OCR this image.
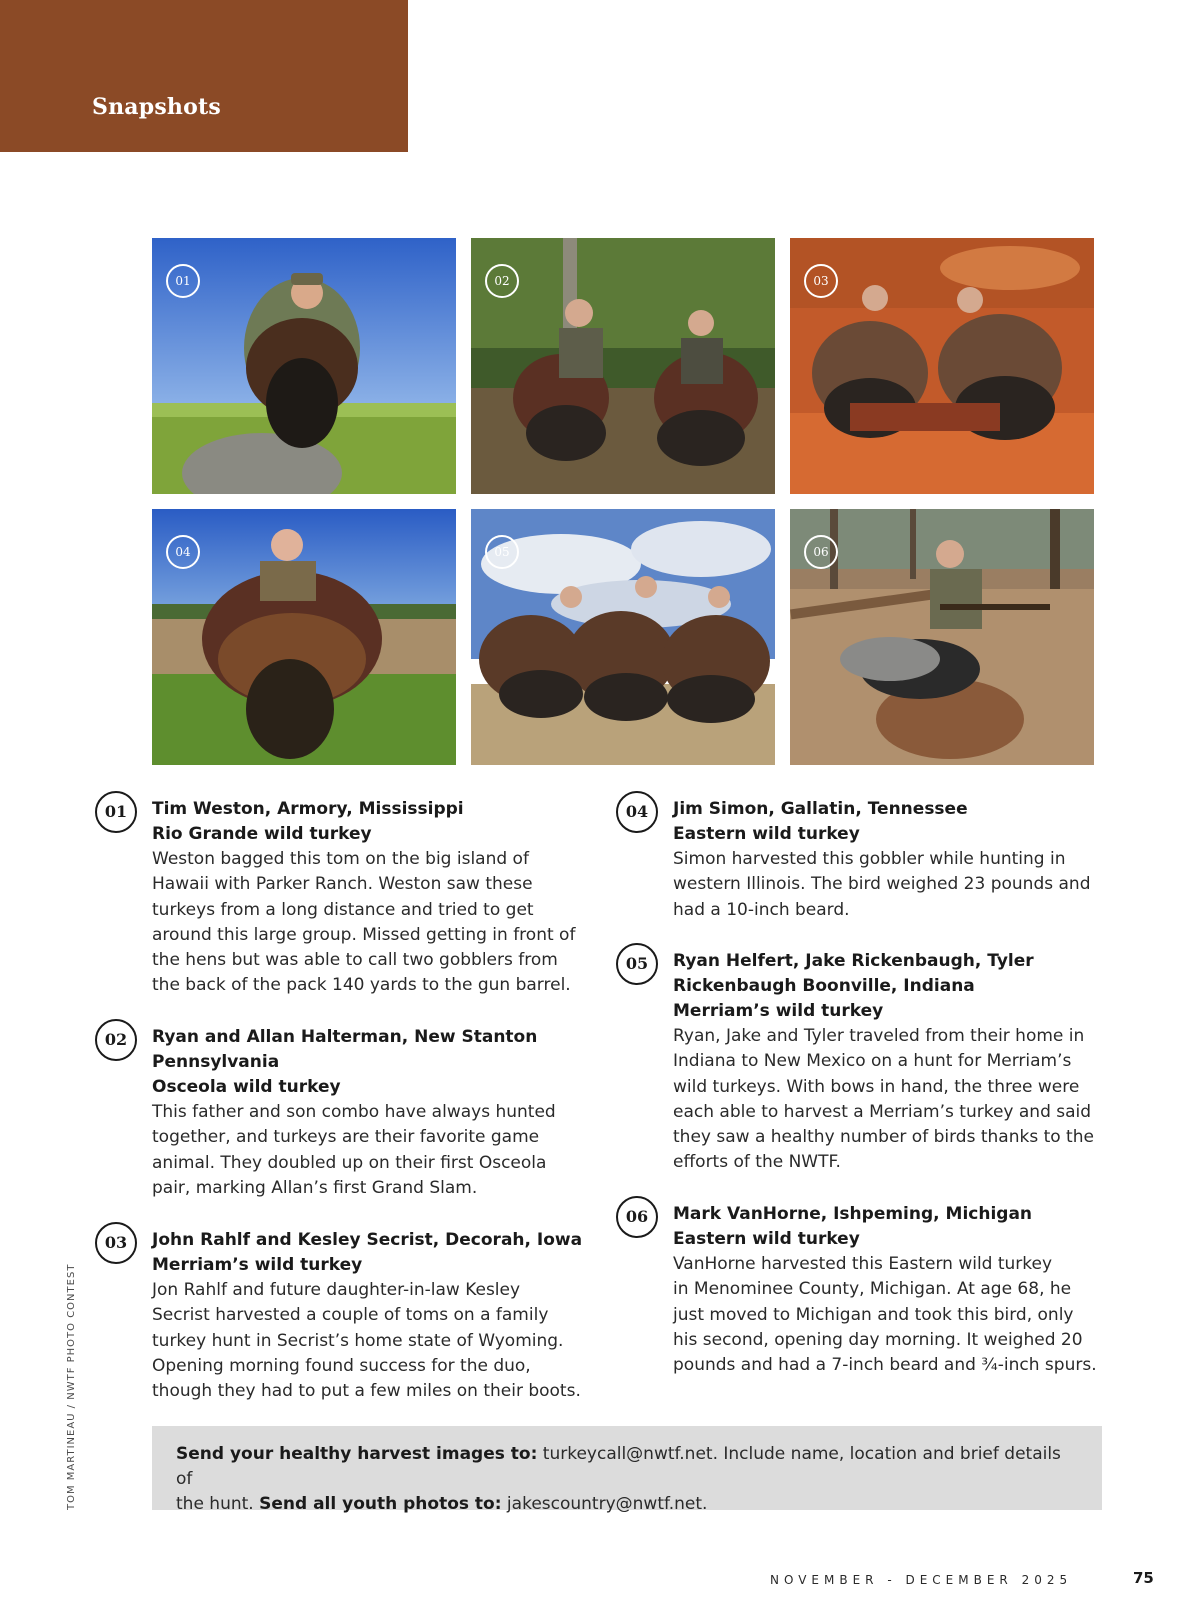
Snapshots
01	02	03
04	05	06
01	Tim Weston, Armory, Mississippi
Rio Grande wild turkey
Weston bagged this tom on the big island of
Hawaii with Parker Ranch. Weston saw these
turkeys from a long distance and tried to get
around this large group. Missed getting in front of
the hens but was able to call two gobblers from
the back of the pack 140 yards to the gun barrel.
02	Ryan and Allan Halterman, New Stanton
Pennsylvania
Osceola wild turkey
This father and son combo have always hunted
together, and turkeys are their favorite game
animal. They doubled up on their first Osceola
pair, marking Allan’s first Grand Slam.
03	John Rahlf and Kesley Secrist, Decorah, Iowa
Merriam’s wild turkey
Jon Rahlf and future daughter-in-law Kesley
Secrist harvested a couple of toms on a family
turkey hunt in Secrist’s home state of Wyoming.
Opening morning found success for the duo,
though they had to put a few miles on their boots.
04	Jim Simon, Gallatin, Tennessee
Eastern wild turkey
Simon harvested this gobbler while hunting in
western Illinois. The bird weighed 23 pounds and
had a 10-inch beard.
05	Ryan Helfert, Jake Rickenbaugh, Tyler
Rickenbaugh Boonville, Indiana
Merriam’s wild turkey
Ryan, Jake and Tyler traveled from their home in
Indiana to New Mexico on a hunt for Merriam’s
wild turkeys. With bows in hand, the three were
each able to harvest a Merriam’s turkey and said
they saw a healthy number of birds thanks to the
efforts of the NWTF.
06	Mark VanHorne, Ishpeming, Michigan
Eastern wild turkey
VanHorne harvested this Eastern wild turkey
in Menominee County, Michigan. At age 68, he
just moved to Michigan and took this bird, only
his second, opening day morning. It weighed 20
pounds and had a 7-inch beard and ¾-inch spurs.
Send your healthy harvest images to: turkeycall@nwtf.net. Include name, location and brief details of
the hunt. Send all youth photos to: jakescountry@nwtf.net.
TOM MARTINEAU / NWTF PHOTO CONTEST
NOVEMBER - DECEMBER 2025	75
